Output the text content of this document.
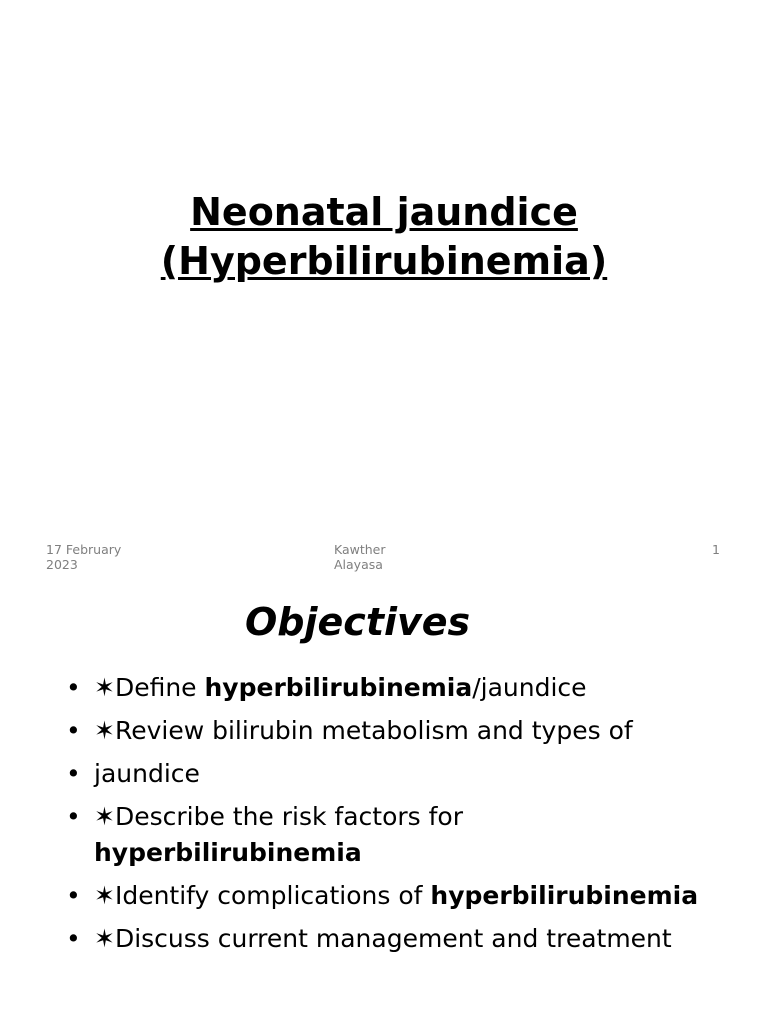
Neonatal jaundice
(Hyperbilirubinemia)
17 February 2023
Kawther Alayasa
1
Objectives
• ✶Define hyperbilirubinemia/jaundice
• ✶Review bilirubin metabolism and types of
• jaundice
• ✶Describe the risk factors for
hyperbilirubinemia
• ✶Identify complications of hyperbilirubinemia
• ✶Discuss current management and treatment
